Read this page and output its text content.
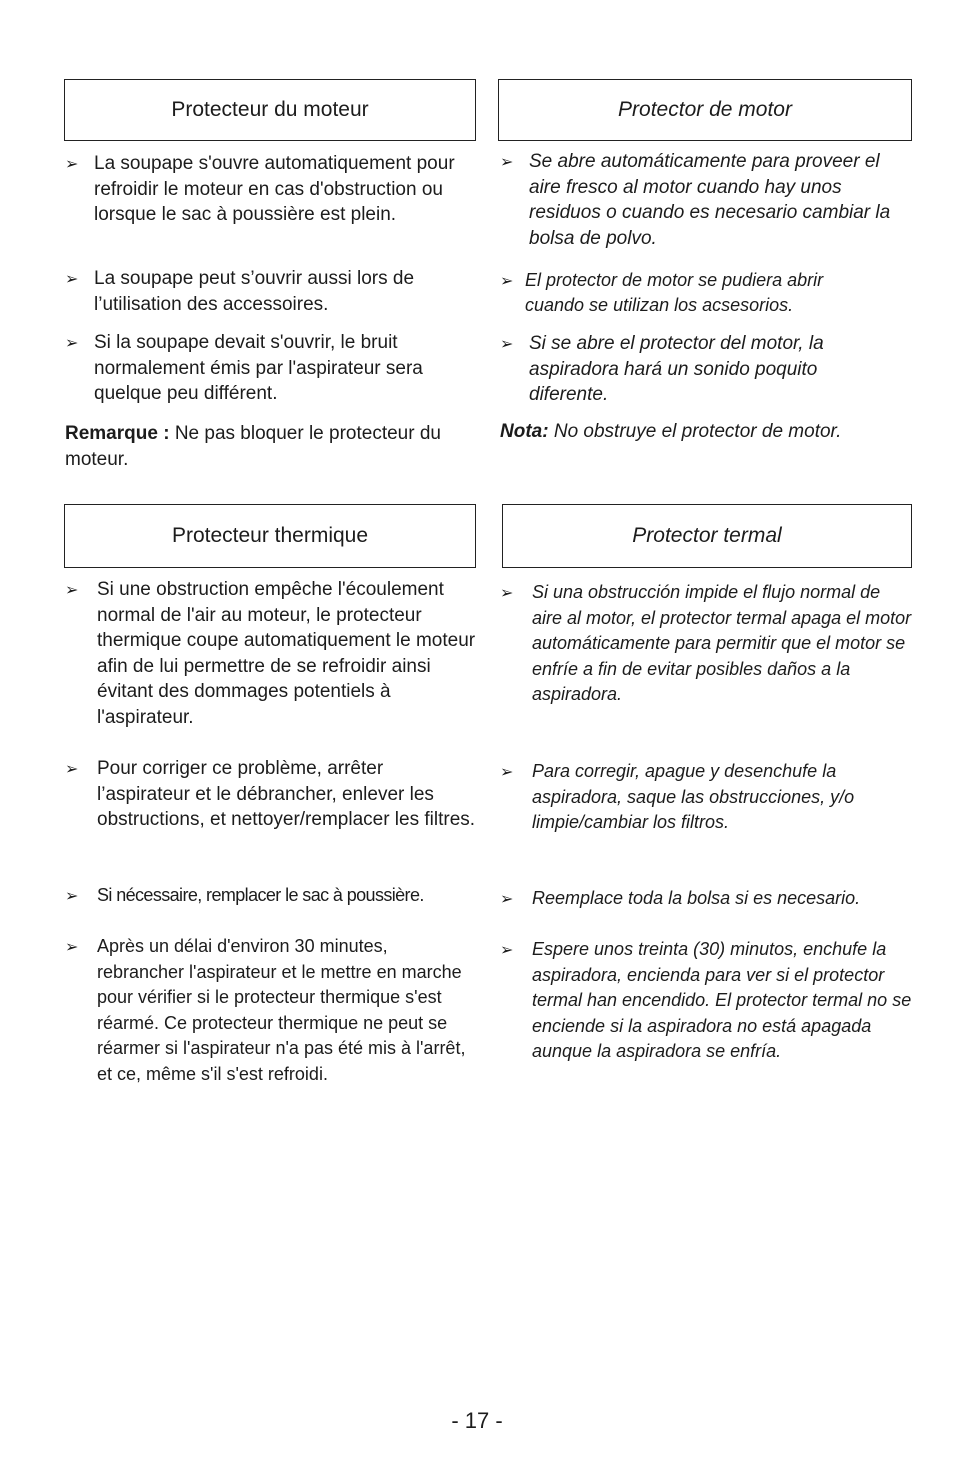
Protecteur du moteur
➢ La soupape s'ouvre automatiquement pour refroidir le moteur en cas d'obstruction ou lorsque le sac à poussière est plein.
➢ La soupape peut s’ouvrir aussi lors de l’utilisation des accessoires.
➢ Si la soupape devait s'ouvrir, le bruit normalement émis par l'aspirateur sera quelque peu différent.
Remarque : Ne pas bloquer le protecteur du moteur.
Protector de motor
➢ Se abre automáticamente para proveer el aire fresco al motor cuando hay unos residuos o cuando es necesario cambiar la bolsa de polvo.
➢ El protector de motor se pudiera abrir cuando se utilizan los acsesorios.
➢ Si se abre el protector del motor, la aspiradora hará un sonido poquito diferente.
Nota: No obstruye el protector de motor.
Protecteur thermique
➢ Si une obstruction empêche l'écoulement normal de l'air au moteur, le protecteur thermique coupe automatiquement le moteur afin de lui permettre de se refroidir ainsi évitant des dommages potentiels à l'aspirateur.
➢ Pour corriger ce problème, arrêter l’aspirateur et le débrancher, enlever les obstructions, et nettoyer/remplacer les filtres.
➢	Si nécessaire, remplacer le sac à poussière.
➢	Après un délai d'environ 30 minutes, rebrancher l'aspirateur et le mettre en marche pour vérifier si le protecteur thermique s'est réarmé. Ce protecteur thermique ne peut se réarmer si l'aspirateur n'a pas été mis à l'arrêt, et ce, même s'il s'est refroidi.
Protector termal
➢	Si una obstrucción impide el flujo normal de aire al motor, el protector termal apaga el motor automáticamente para permitir que el motor se enfríe a fin de evitar posibles daños a la aspiradora.
➢	Para corregir, apague y desenchufe la aspiradora, saque las obstrucciones, y/o limpie/cambiar los filtros.
➢	Reemplace toda la bolsa si es necesario.
➢	Espere unos treinta (30) minutos, enchufe la aspiradora, encienda para ver si el protector termal han encendido. El protector termal no se enciende si la aspiradora no está apagada aunque la aspiradora se enfría.
- 17 -
